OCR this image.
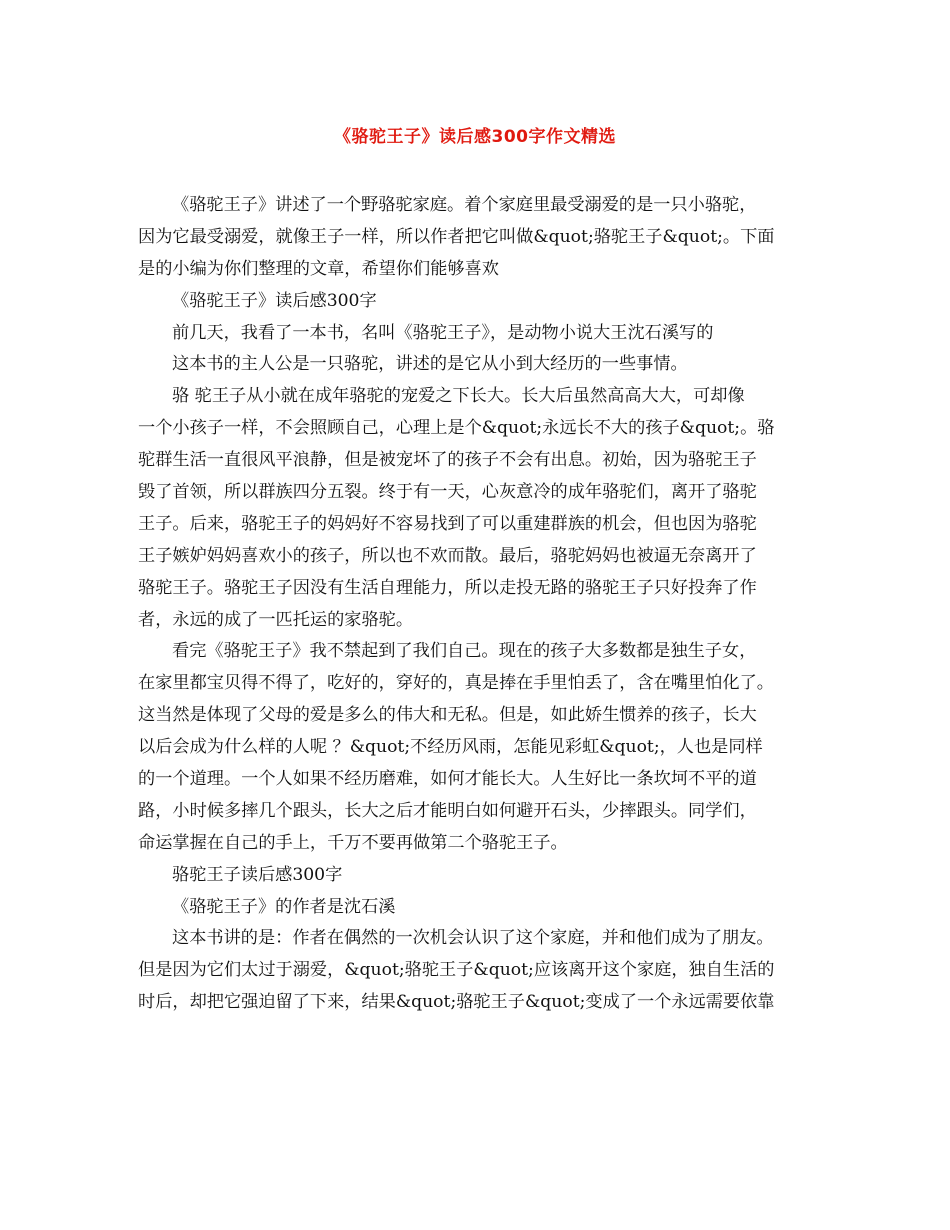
《骆驼王子》读后感300字作文精选
《骆驼王子》讲述了一个野骆驼家庭。着个家庭里最受溺爱的是一只小骆驼，
因为它最受溺爱，就像王子一样，所以作者把它叫做&quot;骆驼王子&quot;。下面
是的小编为你们整理的文章，希望你们能够喜欢
《骆驼王子》读后感300字
前几天，我看了一本书，名叫《骆驼王子》，是动物小说大王沈石溪写的
这本书的主人公是一只骆驼，讲述的是它从小到大经历的一些事情。
骆 驼王子从小就在成年骆驼的宠爱之下长大。长大后虽然高高大大，可却像
一个小孩子一样，不会照顾自己，心理上是个&quot;永远长不大的孩子&quot;。骆
驼群生活一直很风平浪静，但是被宠坏了的孩子不会有出息。初始，因为骆驼王子
毁了首领，所以群族四分五裂。终于有一天，心灰意冷的成年骆驼们，离开了骆驼
王子。后来，骆驼王子的妈妈好不容易找到了可以重建群族的机会，但也因为骆驼
王子嫉妒妈妈喜欢小的孩子，所以也不欢而散。最后，骆驼妈妈也被逼无奈离开了
骆驼王子。骆驼王子因没有生活自理能力，所以走投无路的骆驼王子只好投奔了作
者，永远的成了一匹托运的家骆驼。
看完《骆驼王子》我不禁起到了我们自己。现在的孩子大多数都是独生子女，
在家里都宝贝得不得了，吃好的，穿好的，真是捧在手里怕丢了，含在嘴里怕化了。
这当然是体现了父母的爱是多么的伟大和无私。但是，如此娇生惯养的孩子，长大
以后会成为什么样的人呢 ？&quot;不经历风雨，怎能见彩虹&quot;，人也是同样
的一个道理。一个人如果不经历磨难，如何才能长大。人生好比一条坎坷不平的道
路，小时候多摔几个跟头，长大之后才能明白如何避开石头，少摔跟头。同学们，
命运掌握在自己的手上，千万不要再做第二个骆驼王子。
骆驼王子读后感300字
《骆驼王子》的作者是沈石溪
这本书讲的是：作者在偶然的一次机会认识了这个家庭，并和他们成为了朋友。
但是因为它们太过于溺爱，&quot;骆驼王子&quot;应该离开这个家庭，独自生活的
时后，却把它强迫留了下来，结果&quot;骆驼王子&quot;变成了一个永远需要依靠
